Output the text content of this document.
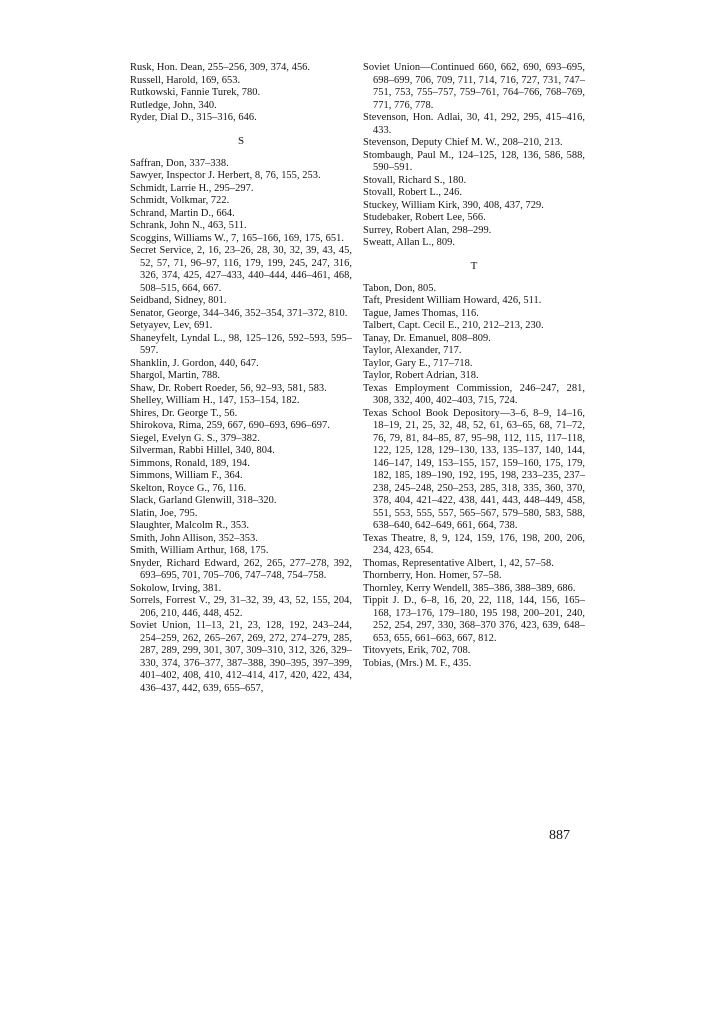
Rusk, Hon. Dean, 255–256, 309, 374, 456.
Russell, Harold, 169, 653.
Rutkowski, Fannie Turek, 780.
Rutledge, John, 340.
Ryder, Dial D., 315–316, 646.
S
Saffran, Don, 337–338.
Sawyer, Inspector J. Herbert, 8, 76, 155, 253.
Schmidt, Larrie H., 295–297.
Schmidt, Volkmar, 722.
Schrand, Martin D., 664.
Schrank, John N., 463, 511.
Scoggins, Williams W., 7, 165–166, 169, 175, 651.
Secret Service, 2, 16, 23–26, 28, 30, 32, 39, 43, 45, 52, 57, 71, 96–97, 116, 179, 199, 245, 247, 316, 326, 374, 425, 427–433, 440–444, 446–461, 468, 508–515, 664, 667.
Seidband, Sidney, 801.
Senator, George, 344–346, 352–354, 371–372, 810.
Setyayev, Lev, 691.
Shaneyfelt, Lyndal L., 98, 125–126, 592–593, 595–597.
Shanklin, J. Gordon, 440, 647.
Shargol, Martin, 788.
Shaw, Dr. Robert Roeder, 56, 92–93, 581, 583.
Shelley, William H., 147, 153–154, 182.
Shires, Dr. George T., 56.
Shirokova, Rima, 259, 667, 690–693, 696–697.
Siegel, Evelyn G. S., 379–382.
Silverman, Rabbi Hillel, 340, 804.
Simmons, Ronald, 189, 194.
Simmons, William F., 364.
Skelton, Royce G., 76, 116.
Slack, Garland Glenwill, 318–320.
Slatin, Joe, 795.
Slaughter, Malcolm R., 353.
Smith, John Allison, 352–353.
Smith, William Arthur, 168, 175.
Snyder, Richard Edward, 262, 265, 277–278, 392, 693–695, 701, 705–706, 747–748, 754–758.
Sokolow, Irving, 381.
Sorrels, Forrest V., 29, 31–32, 39, 43, 52, 155, 204, 206, 210, 446, 448, 452.
Soviet Union, 11–13, 21, 23, 128, 192, 243–244, 254–259, 262, 265–267, 269, 272, 274–279, 285, 287, 289, 299, 301, 307, 309–310, 312, 326, 329–330, 374, 376–377, 387–388, 390–395, 397–399, 401–402, 408, 410, 412–414, 417, 420, 422, 434, 436–437, 442, 639, 655–657,
Soviet Union—Continued 660, 662, 690, 693–695, 698–699, 706, 709, 711, 714, 716, 727, 731, 747–751, 753, 755–757, 759–761, 764–766, 768–769, 771, 776, 778.
Stevenson, Hon. Adlai, 30, 41, 292, 295, 415–416, 433.
Stevenson, Deputy Chief M. W., 208–210, 213.
Stombaugh, Paul M., 124–125, 128, 136, 586, 588, 590–591.
Stovall, Richard S., 180.
Stovall, Robert L., 246.
Stuckey, William Kirk, 390, 408, 437, 729.
Studebaker, Robert Lee, 566.
Surrey, Robert Alan, 298–299.
Sweatt, Allan L., 809.
T
Tabon, Don, 805.
Taft, President William Howard, 426, 511.
Tague, James Thomas, 116.
Talbert, Capt. Cecil E., 210, 212–213, 230.
Tanay, Dr. Emanuel, 808–809.
Taylor, Alexander, 717.
Taylor, Gary E., 717–718.
Taylor, Robert Adrian, 318.
Texas Employment Commission, 246–247, 281, 308, 332, 400, 402–403, 715, 724.
Texas School Book Depository—3–6, 8–9, 14–16, 18–19, 21, 25, 32, 48, 52, 61, 63–65, 68, 71–72, 76, 79, 81, 84–85, 87, 95–98, 112, 115, 117–118, 122, 125, 128, 129–130, 133, 135–137, 140, 144, 146–147, 149, 153–155, 157, 159–160, 175, 179, 182, 185, 189–190, 192, 195, 198, 233–235, 237–238, 245–248, 250–253, 285, 318, 335, 360, 370, 378, 404, 421–422, 438, 441, 443, 448–449, 458, 551, 553, 555, 557, 565–567, 579–580, 583, 588, 638–640, 642–649, 661, 664, 738.
Texas Theatre, 8, 9, 124, 159, 176, 198, 200, 206, 234, 423, 654.
Thomas, Representative Albert, 1, 42, 57–58.
Thornberry, Hon. Homer, 57–58.
Thornley, Kerry Wendell, 385–386, 388–389, 686.
Tippit J. D., 6–8, 16, 20, 22, 118, 144, 156, 165–168, 173–176, 179–180, 195 198, 200–201, 240, 252, 254, 297, 330, 368–370 376, 423, 639, 648–653, 655, 661–663, 667, 812.
Titovyets, Erik, 702, 708.
Tobias, (Mrs.) M. F., 435.
887
